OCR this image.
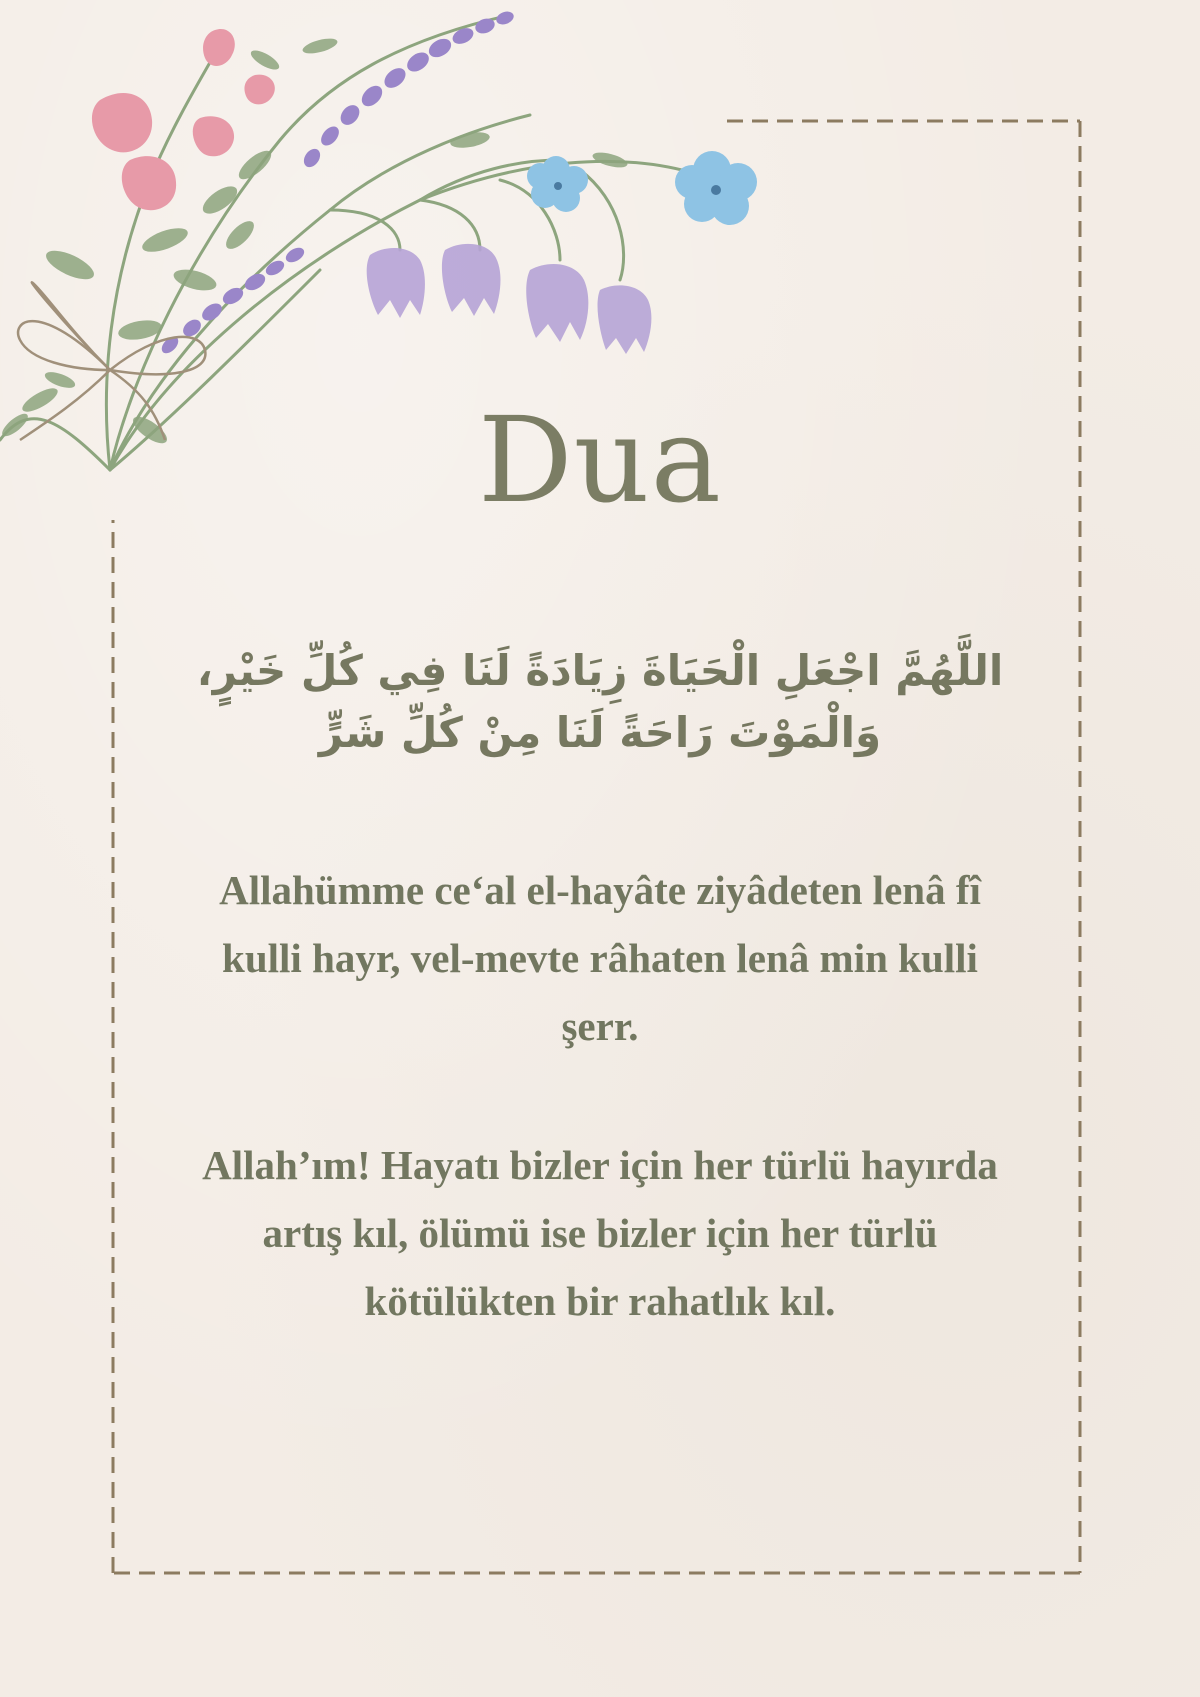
Dua
اللَّهُمَّ اجْعَلِ الْحَيَاةَ زِيَادَةً لَنَا فِي كُلِّ خَيْرٍ، وَالْمَوْتَ رَاحَةً لَنَا مِنْ كُلِّ شَرٍّ
Allahümme ce‘al el-hayâte ziyâdeten lenâ fî kulli hayr, vel-mevte râhaten lenâ min kulli şerr.
Allah’ım! Hayatı bizler için her türlü hayırda artış kıl, ölümü ise bizler için her türlü kötülükten bir rahatlık kıl.
